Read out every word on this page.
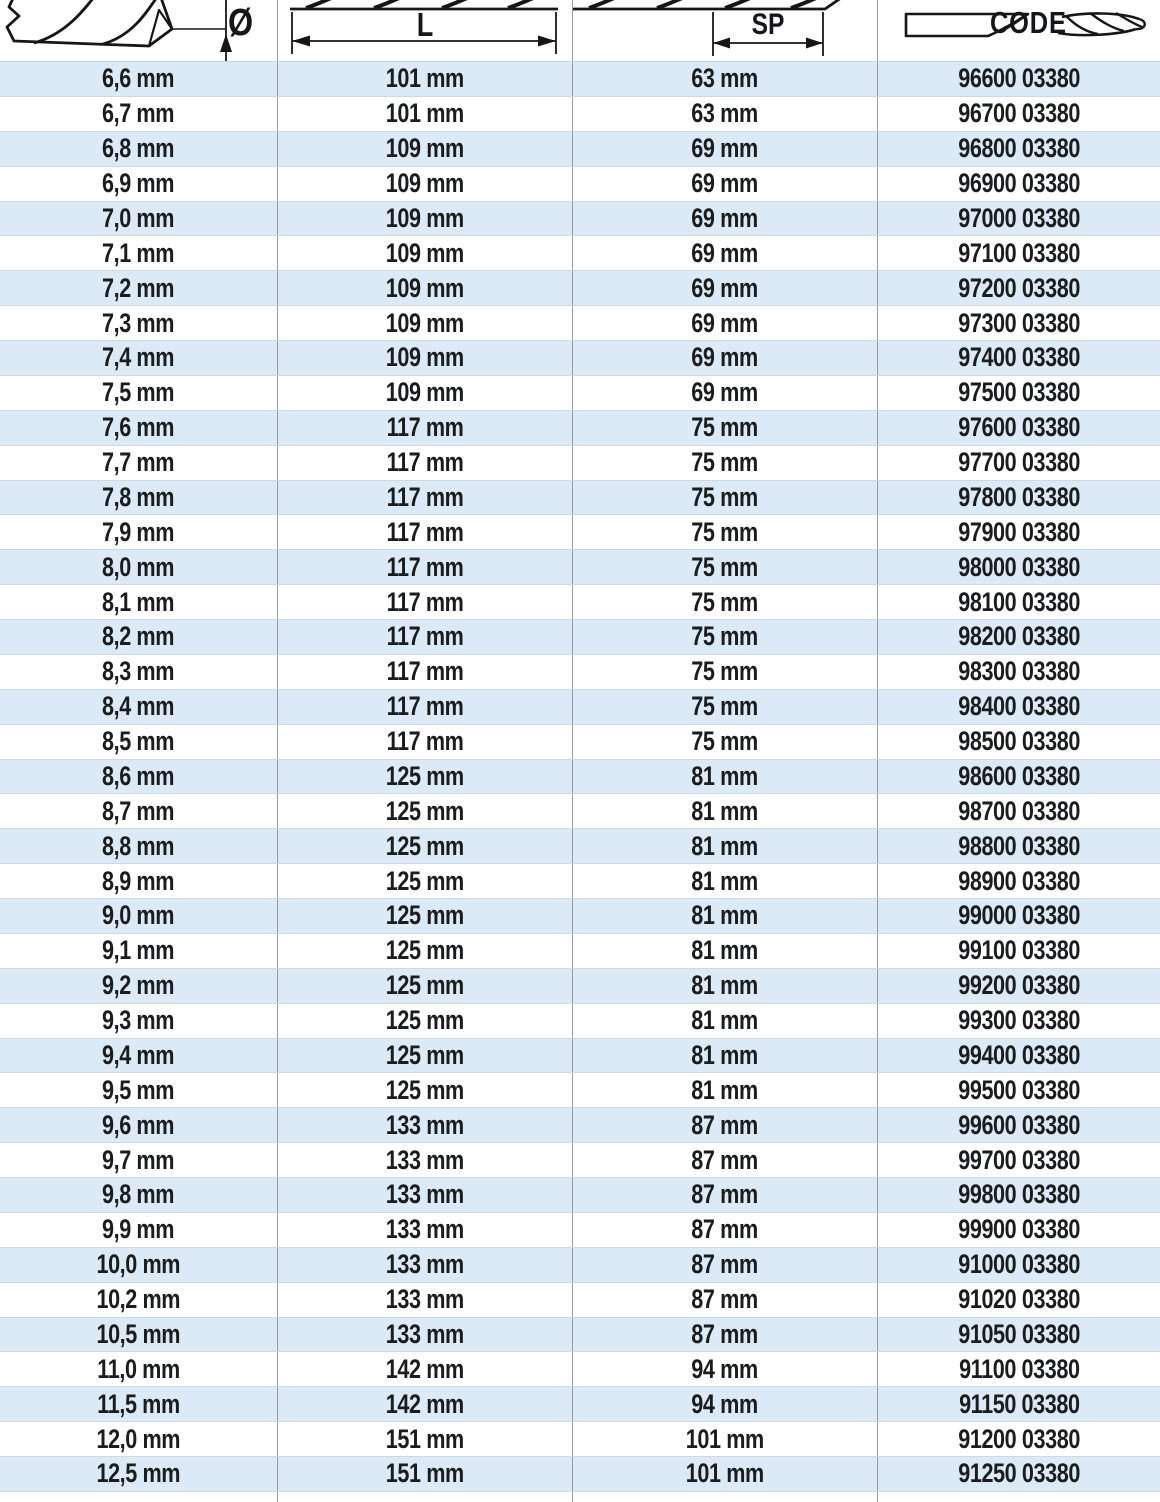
Ø	L	SP	CODE
6,6 mm	101 mm	63 mm	96600 03380
6,7 mm	101 mm	63 mm	96700 03380
6,8 mm	109 mm	69 mm	96800 03380
6,9 mm	109 mm	69 mm	96900 03380
7,0 mm	109 mm	69 mm	97000 03380
7,1 mm	109 mm	69 mm	97100 03380
7,2 mm	109 mm	69 mm	97200 03380
7,3 mm	109 mm	69 mm	97300 03380
7,4 mm	109 mm	69 mm	97400 03380
7,5 mm	109 mm	69 mm	97500 03380
7,6 mm	117 mm	75 mm	97600 03380
7,7 mm	117 mm	75 mm	97700 03380
7,8 mm	117 mm	75 mm	97800 03380
7,9 mm	117 mm	75 mm	97900 03380
8,0 mm	117 mm	75 mm	98000 03380
8,1 mm	117 mm	75 mm	98100 03380
8,2 mm	117 mm	75 mm	98200 03380
8,3 mm	117 mm	75 mm	98300 03380
8,4 mm	117 mm	75 mm	98400 03380
8,5 mm	117 mm	75 mm	98500 03380
8,6 mm	125 mm	81 mm	98600 03380
8,7 mm	125 mm	81 mm	98700 03380
8,8 mm	125 mm	81 mm	98800 03380
8,9 mm	125 mm	81 mm	98900 03380
9,0 mm	125 mm	81 mm	99000 03380
9,1 mm	125 mm	81 mm	99100 03380
9,2 mm	125 mm	81 mm	99200 03380
9,3 mm	125 mm	81 mm	99300 03380
9,4 mm	125 mm	81 mm	99400 03380
9,5 mm	125 mm	81 mm	99500 03380
9,6 mm	133 mm	87 mm	99600 03380
9,7 mm	133 mm	87 mm	99700 03380
9,8 mm	133 mm	87 mm	99800 03380
9,9 mm	133 mm	87 mm	99900 03380
10,0 mm	133 mm	87 mm	91000 03380
10,2 mm	133 mm	87 mm	91020 03380
10,5 mm	133 mm	87 mm	91050 03380
11,0 mm	142 mm	94 mm	91100 03380
11,5 mm	142 mm	94 mm	91150 03380
12,0 mm	151 mm	101 mm	91200 03380
12,5 mm	151 mm	101 mm	91250 03380
